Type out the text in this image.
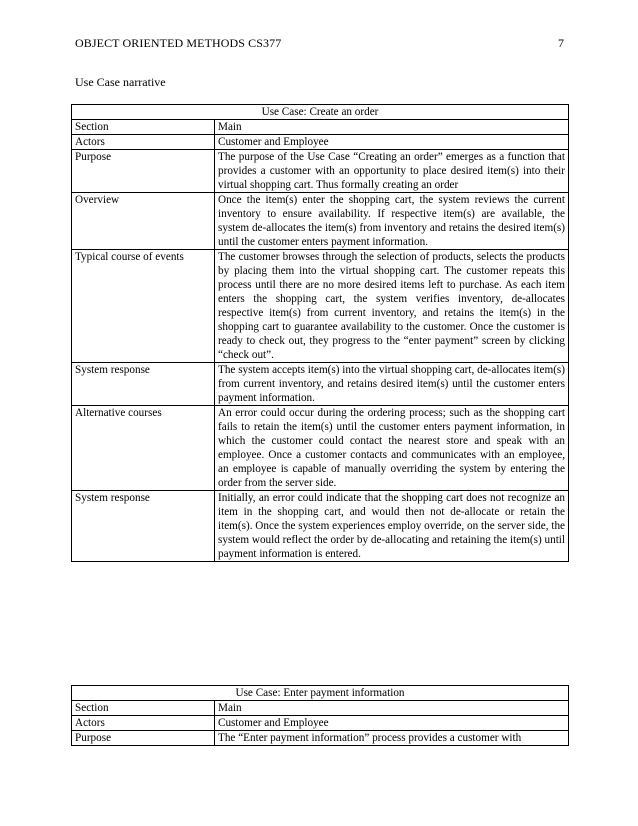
OBJECT ORIENTED METHODS CS377	7
Use Case narrative
Use Case: Create an order	
Section	Main
Actors	Customer and Employee
Purpose	The purpose of the Use Case “Creating an order” emerges as a function that provides a customer with an opportunity to place desired item(s) into their virtual shopping cart. Thus formally creating an order
Overview	Once the item(s) enter the shopping cart, the system reviews the current inventory to ensure availability. If respective item(s) are available, the system de-allocates the item(s) from inventory and retains the desired item(s) until the customer enters payment information.
Typical course of events	The customer browses through the selection of products, selects the products by placing them into the virtual shopping cart. The customer repeats this process until there are no more desired items left to purchase. As each item enters the shopping cart, the system verifies inventory, de-allocates respective item(s) from current inventory, and retains the item(s) in the shopping cart to guarantee availability to the customer. Once the customer is ready to check out, they progress to the “enter payment” screen by clicking “check out”.
System response	The system accepts item(s) into the virtual shopping cart, de-allocates item(s) from current inventory, and retains desired item(s) until the customer enters payment information.
Alternative courses	An error could occur during the ordering process; such as the shopping cart fails to retain the item(s) until the customer enters payment information, in which the customer could contact the nearest store and speak with an employee. Once a customer contacts and communicates with an employee, an employee is capable of manually overriding the system by entering the order from the server side.
System response	Initially, an error could indicate that the shopping cart does not recognize an item in the shopping cart, and would then not de-allocate or retain the item(s). Once the system experiences employ override, on the server side, the system would reflect the order by de-allocating and retaining the item(s) until payment information is entered.
Use Case: Enter payment information	
Section	Main
Actors	Customer and Employee
Purpose	The “Enter payment information” process provides a customer with
